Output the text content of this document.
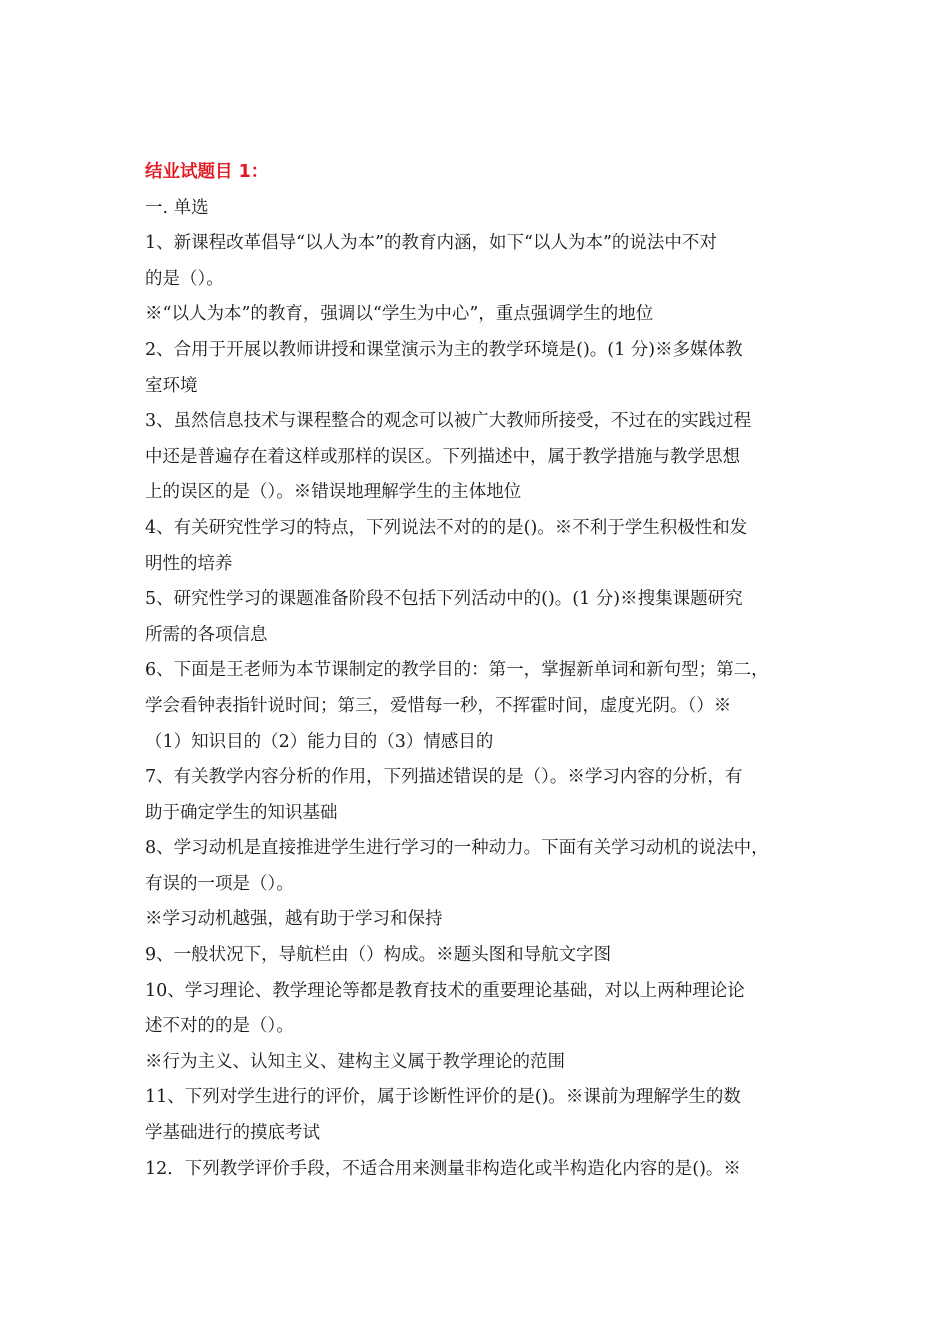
结业试题目 1：
一. 单选
1、新课程改革倡导“以人为本”的教育内涵，如下“以人为本”的说法中不对
的是（）。
※“以人为本”的教育，强调以“学生为中心”，重点强调学生的地位
2、合用于开展以教师讲授和课堂演示为主的教学环境是()。(1 分)※多媒体教
室环境
3、虽然信息技术与课程整合的观念可以被广大教师所接受，不过在的实践过程
中还是普遍存在着这样或那样的误区。下列描述中，属于教学措施与教学思想
上的误区的是（）。※错误地理解学生的主体地位
4、有关研究性学习的特点，下列说法不对的的是()。※不利于学生积极性和发
明性的培养
5、研究性学习的课题准备阶段不包括下列活动中的()。(1 分)※搜集课题研究
所需的各项信息
6、下面是王老师为本节课制定的教学目的：第一，掌握新单词和新句型；第二，
学会看钟表指针说时间；第三，爱惜每一秒，不挥霍时间，虚度光阴。（）※
（1）知识目的（2）能力目的（3）情感目的
7、有关教学内容分析的作用，下列描述错误的是（）。※学习内容的分析，有
助于确定学生的知识基础
8、学习动机是直接推进学生进行学习的一种动力。下面有关学习动机的说法中，
有误的一项是（）。
※学习动机越强，越有助于学习和保持
9、一般状况下，导航栏由（）构成。※题头图和导航文字图
10、学习理论、教学理论等都是教育技术的重要理论基础，对以上两种理论论
述不对的的是（）。
※行为主义、认知主义、建构主义属于教学理论的范围
11、下列对学生进行的评价，属于诊断性评价的是()。※课前为理解学生的数
学基础进行的摸底考试
12．下列教学评价手段，不适合用来测量非构造化或半构造化内容的是()。※
